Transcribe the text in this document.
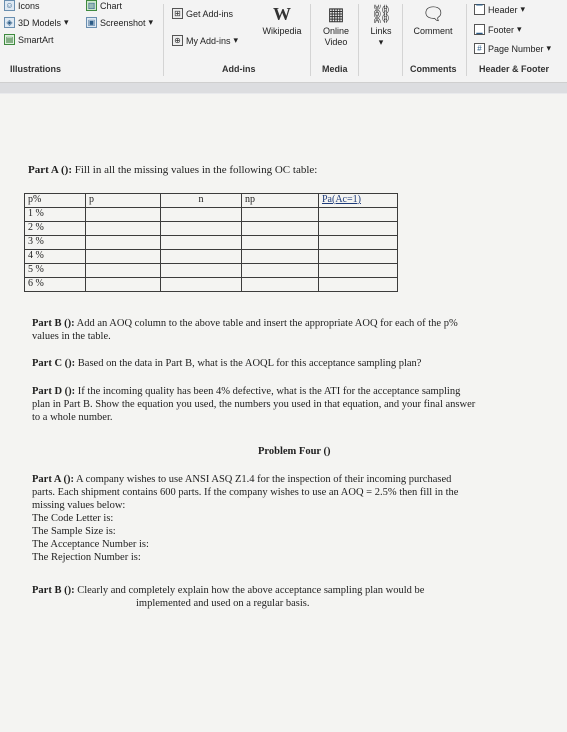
☺ Icons
◈ 3D Models ▾
▤ SmartArt
▥ Chart
▣ Screenshot ▾
Illustrations
⊞ Get Add-ins
⊕ My Add-ins ▾
W
Wikipedia
Add-ins
▦
Online
Video
Media
⛓
Links
▾
🗨
Comment
Comments
▔ Header ▾
▁ Footer ▾
# Page Number ▾
Header & Footer
Part A (): Fill in all the missing values in the following OC table:
p%	p	n	np	Pa(Ac=1)
1 %				
2 %				
3 %				
4 %				
5 %				
6 %				
Part B (): Add an AOQ column to the above table and insert the appropriate AOQ for each of the p%
values in the table.
Part C (): Based on the data in Part B, what is the AOQL for this acceptance sampling plan?
Part D (): If the incoming quality has been 4% defective, what is the ATI for the acceptance sampling
plan in Part B. Show the equation you used, the numbers you used in that equation, and your final answer
to a whole number.
Problem Four ()
Part A (): A company wishes to use ANSI ASQ Z1.4 for the inspection of their incoming purchased
parts. Each shipment contains 600 parts. If the company wishes to use an AOQ = 2.5% then fill in the
missing values below:
The Code Letter is:
The Sample Size is:
The Acceptance Number is:
The Rejection Number is:
Part B (): Clearly and completely explain how the above acceptance sampling plan would be
implemented and used on a regular basis.
